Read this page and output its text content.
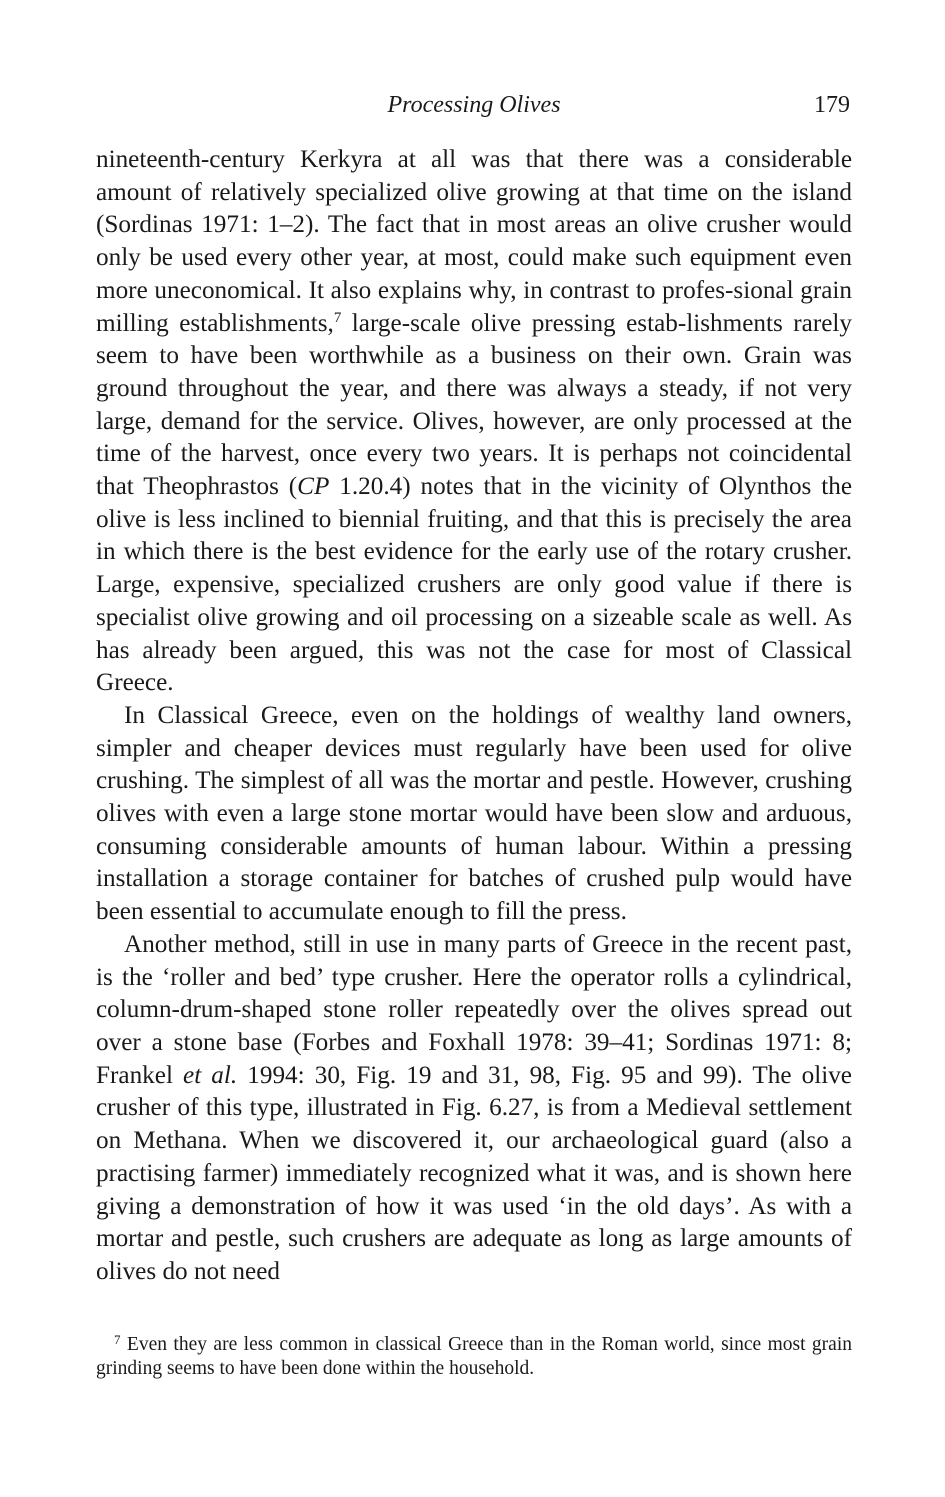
Processing Olives	179

nineteenth-century Kerkyra at all was that there was a considerable amount of relatively specialized olive growing at that time on the island (Sordinas 1971: 1–2). The fact that in most areas an olive crusher would only be used every other year, at most, could make such equipment even more uneconomical. It also explains why, in contrast to profes-sional grain milling establishments,$^7$ large-scale olive pressing estab-lishments rarely seem to have been worthwhile as a business on their own. Grain was ground throughout the year, and there was always a steady, if not very large, demand for the service. Olives, however, are only processed at the time of the harvest, once every two years. It is perhaps not coincidental that Theophrastos (CP 1.20.4) notes that in the vicinity of Olynthos the olive is less inclined to biennial fruiting, and that this is precisely the area in which there is the best evidence for the early use of the rotary crusher. Large, expensive, specialized crushers are only good value if there is specialist olive growing and oil processing on a sizeable scale as well. As has already been argued, this was not the case for most of Classical Greece.

In Classical Greece, even on the holdings of wealthy land owners, simpler and cheaper devices must regularly have been used for olive crushing. The simplest of all was the mortar and pestle. However, crushing olives with even a large stone mortar would have been slow and arduous, consuming considerable amounts of human labour. Within a pressing installation a storage container for batches of crushed pulp would have been essential to accumulate enough to fill the press.

Another method, still in use in many parts of Greece in the recent past, is the ‘roller and bed’ type crusher. Here the operator rolls a cylindrical, column-drum-shaped stone roller repeatedly over the olives spread out over a stone base (Forbes and Foxhall 1978: 39–41; Sordinas 1971: 8; Frankel et al. 1994: 30, Fig. 19 and 31, 98, Fig. 95 and 99). The olive crusher of this type, illustrated in Fig. 6.27, is from a Medieval settlement on Methana. When we discovered it, our archaeological guard (also a practising farmer) immediately recognized what it was, and is shown here giving a demonstration of how it was used ‘in the old days’. As with a mortar and pestle, such crushers are adequate as long as large amounts of olives do not need

$^7$ Even they are less common in classical Greece than in the Roman world, since most grain grinding seems to have been done within the household.
